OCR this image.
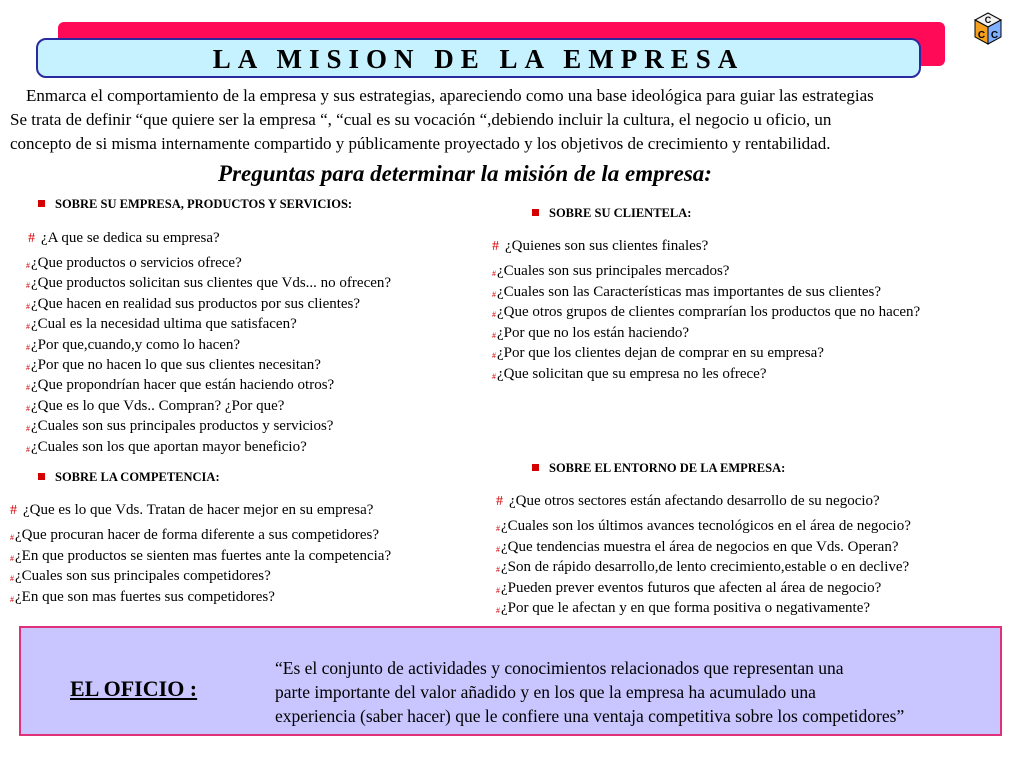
LA MISION DE LA EMPRESA
C
C C
Enmarca el comportamiento de la empresa y sus estrategias, apareciendo como una base ideológica para guiar las estrategias
Se trata de definir “que quiere ser la empresa “, “cual es su vocación “,debiendo incluir la cultura, el negocio u oficio, un
concepto de si misma internamente compartido y públicamente proyectado y los objetivos de crecimiento y rentabilidad.
Preguntas para determinar la misión de la empresa:
SOBRE SU EMPRESA, PRODUCTOS Y SERVICIOS:
# ¿A que se dedica su empresa?
#¿Que productos o servicios ofrece?
#¿Que productos solicitan sus clientes que Vds... no ofrecen?
#¿Que hacen en realidad sus productos por sus clientes?
#¿Cual es la necesidad ultima que satisfacen?
#¿Por que,cuando,y como lo hacen?
#¿Por que no hacen lo que sus clientes necesitan?
#¿Que propondrían hacer que están haciendo otros?
#¿Que es lo que Vds.. Compran? ¿Por que?
#¿Cuales son sus principales productos y servicios?
#¿Cuales son los que aportan mayor beneficio?
SOBRE SU CLIENTELA:
# ¿Quienes son sus clientes finales?
#¿Cuales son sus principales mercados?
#¿Cuales son las Características mas importantes de sus clientes?
#¿Que otros grupos de clientes comprarían los productos que no hacen?
#¿Por que no los están haciendo?
#¿Por que los clientes dejan de comprar en su empresa?
#¿Que solicitan que su empresa no les ofrece?
SOBRE LA COMPETENCIA:
# ¿Que es lo que Vds. Tratan de hacer mejor en su empresa?
#¿Que procuran hacer de forma diferente a sus competidores?
#¿En que productos se sienten mas fuertes ante la competencia?
#¿Cuales son sus principales competidores?
#¿En que son mas fuertes sus competidores?
SOBRE EL ENTORNO DE LA EMPRESA:
# ¿Que otros sectores están afectando desarrollo de su negocio?
#¿Cuales son los últimos avances tecnológicos en el área de negocio?
#¿Que tendencias muestra el área de negocios en que Vds. Operan?
#¿Son de rápido desarrollo,de lento crecimiento,estable o en declive?
#¿Pueden prever eventos futuros que afecten al área de negocio?
#¿Por que le afectan y en que forma positiva o negativamente?
EL OFICIO :
“Es el conjunto de actividades y conocimientos relacionados que representan una
parte importante del valor añadido y en los que la empresa ha acumulado una
experiencia (saber hacer) que le confiere una ventaja competitiva sobre los competidores”
